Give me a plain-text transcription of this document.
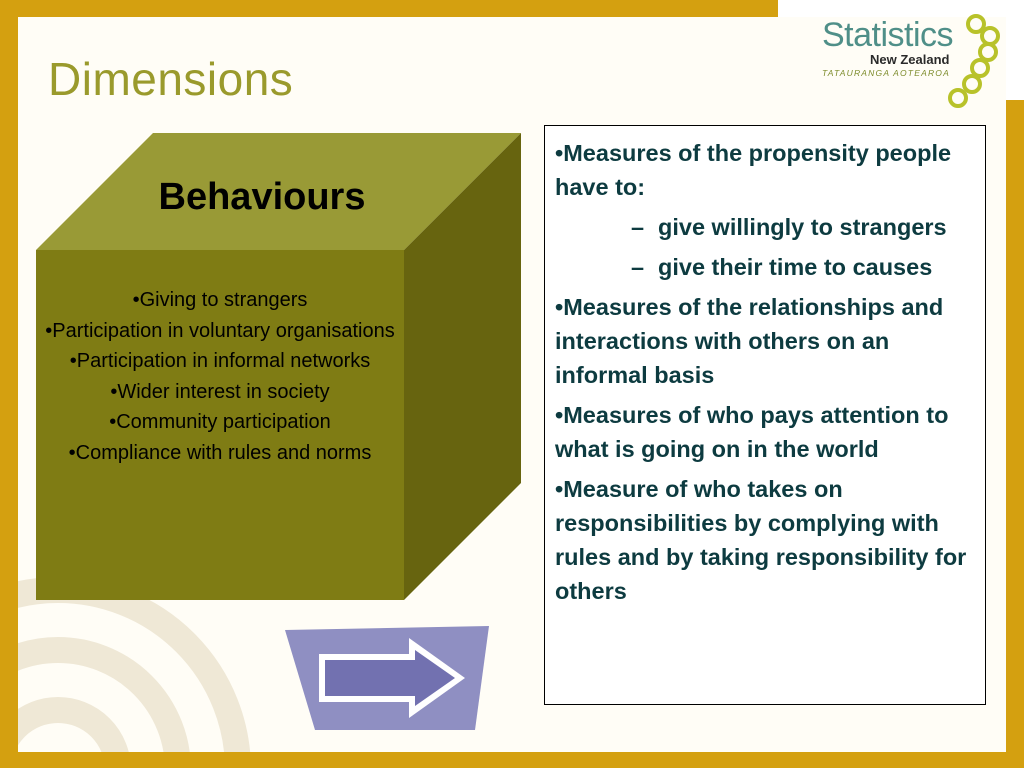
Dimensions
Statistics
New Zealand
TATAURANGA AOTEAROA
Behaviours
•Giving to strangers
•Participation in voluntary organisations
•Participation in informal networks
•Wider interest in society
•Community participation
•Compliance with rules and norms
•Measures of the propensity people have to:
– give willingly to strangers
– give their time to causes
•Measures of the relationships and interactions with others on an informal basis
•Measures of who pays attention to what is going on in the world
•Measure of who takes on responsibilities by complying with rules and by taking responsibility for others
